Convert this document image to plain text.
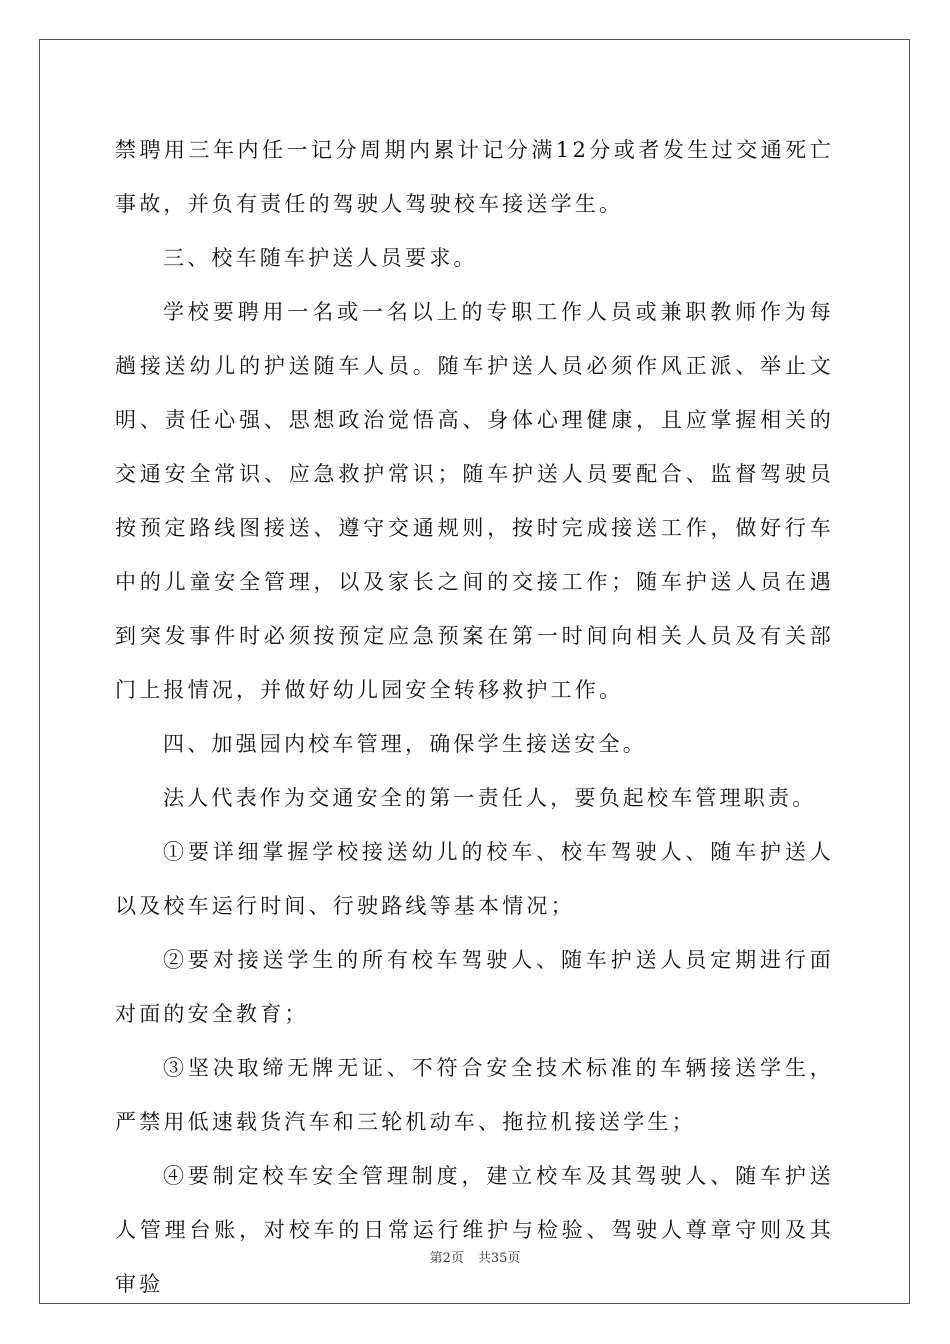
禁聘用三年内任一记分周期内累计记分满12分或者发生过交通死亡事故，并负有责任的驾驶人驾驶校车接送学生。

三、校车随车护送人员要求。

学校要聘用一名或一名以上的专职工作人员或兼职教师作为每趟接送幼儿的护送随车人员。随车护送人员必须作风正派、举止文明、责任心强、思想政治觉悟高、身体心理健康，且应掌握相关的交通安全常识、应急救护常识；随车护送人员要配合、监督驾驶员按预定路线图接送、遵守交通规则，按时完成接送工作，做好行车中的儿童安全管理，以及家长之间的交接工作；随车护送人员在遇到突发事件时必须按预定应急预案在第一时间向相关人员及有关部门上报情况，并做好幼儿园安全转移救护工作。

四、加强园内校车管理，确保学生接送安全。

法人代表作为交通安全的第一责任人，要负起校车管理职责。

①要详细掌握学校接送幼儿的校车、校车驾驶人、随车护送人以及校车运行时间、行驶路线等基本情况；

②要对接送学生的所有校车驾驶人、随车护送人员定期进行面对面的安全教育；

③坚决取缔无牌无证、不符合安全技术标准的车辆接送学生，严禁用低速载货汽车和三轮机动车、拖拉机接送学生；

④要制定校车安全管理制度，建立校车及其驾驶人、随车护送人管理台账，对校车的日常运行维护与检验、驾驶人尊章守则及其审验

第2页 共35页
